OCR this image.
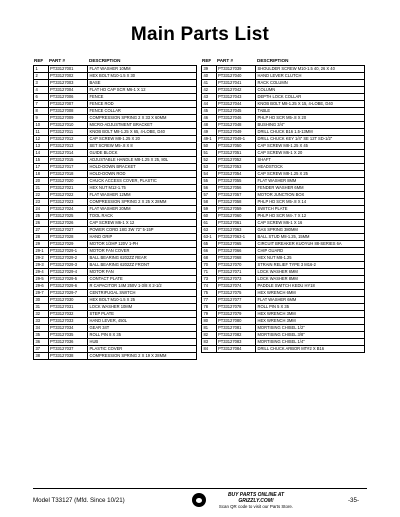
Main Parts List
REF	PART #	DESCRIPTION
1	PT33127001	FLAT WASHER 10MM
2	PT33127002	HEX BOLT M10-1.5 X 30
3	PT33127003	BASE
4	PT33127004	FLAT HD CAP SCR M6-1 X 12
6	PT33127006	FENCE
7	PT33127007	FENCE ROD
8	PT33127008	FENCE COLLAR
9	PT33127009	COMPRESSION SPRING 2 X 33 X 60MM
10	PT33127010	MICRO-ADJUSTMENT BRACKET
11	PT33127011	KNOB BOLT M8-1.25 X 65, 4-LOBE, D40
12	PT33127012	CAP SCREW M8-1.25 X 20
13	PT33127013	SET SCREW M5-.8 X 8
14	PT33127014	GUIDE BLOCK
15	PT33127015	ADJUSTABLE HANDLE M8-1.25 X 25, 80L
17	PT33127017	HOLD-DOWN BRACKET
18	PT33127018	HOLD-DOWN ROD
20	PT33127020	CHUCK ACCESS COVER, PLASTIC
21	PT33127021	HEX NUT M12-1.75
22	PT33127022	FLAT WASHER 12MM
23	PT33127023	COMPRESSION SPRING 2 X 25 X 28MM
24	PT33127024	FLAT WASHER 20MM
25	PT33127025	TOOL RACK
26	PT33127026	CAP SCREW M6-1 X 12
27	PT33127027	POWER CORD 18G 3W 72" 5-15P
28	PT33127028	HAND GRIP
29	PT33127029	MOTOR 1/2HP 120V 1-PH
29-1	PT33127029-1	MOTOR FAN COVER
29-2	PT33127029-2	BALL BEARING 6202ZZ REAR
29-3	PT33127029-3	BALL BEARING 6202ZZ FRONT
29-4	PT33127029-4	MOTOR FAN
29-5	PT33127029-5	CONTACT PLATE
29-6	PT33127029-6	R CAPACITOR 14M 250V 1-3/8 X 2-1/2
29-7	PT33127029-7	CENTRIFUGAL SWITCH
30	PT33127030	HEX BOLT M10-1.5 X 25
31	PT33127031	LOCK WASHER 10MM
32	PT33127032	STEP PLATE
33	PT33127033	HAND LEVER, 450L
34	PT33127034	GEAR 34T
35	PT33127035	ROLL PIN 8 X 35
36	PT33127036	HUB
37	PT33127037	PLASTIC COVER
38	PT33127038	COMPRESSION SPRING 2 X 19 X 28MM
REF	PART #	DESCRIPTION
39	PT33127039	SHOULDER SCREW M10-1.5 40, 26 X 40
40	PT33127040	HAND LEVER CLUTCH
41	PT33127041	RACK COLUMN
42	PT33127042	COLUMN
43	PT33127043	DEPTH LOCK COLLAR
44	PT33127044	KNOB BOLT M8-1.25 X 15, 4-LOBE, D40
45	PT33127045	TABLE
46	PT33127046	PHLP HD SCR M5-.8 X 20
48	PT33127048	BUSHING 3/4"
49	PT33127049	DRILL CHUCK B16 1.5-13MM
49-1	PT33127049-1	DRILL CHUCK KEY 1/4" SE 12T SD-1/2"
50	PT33127050	CAP SCREW M8-1.25 X 45
51	PT33127051	CAP SCREW M6-1 X 20
52	PT33127052	SHAFT
53	PT33127053	HEADSTOCK
54	PT33127054	CAP SCREW M8-1.25 X 25
55	PT33127055	FLAT WASHER 8MM
56	PT33127056	FENDER WASHER 6MM
57	PT33127057	MOTOR JUNCTION BOX
58	PT33127058	PHLP HD SCR M5-.8 X 14
59	PT33127059	SWITCH PLATE
60	PT33127060	PHLP HD SCR M4-.7 X 12
61	PT33127061	CAP SCREW M6-1 X 16
63	PT33127063	GAS SPRING 380MM
63-1	PT33127063-1	BALL STUD M8-1.25, 15MM
65	PT33127065	CIRCUIT BREAKER KUOYUH 88-SERIES 6A
66	PT33127066	CHIP GUARD
68	PT33127068	HEX NUT M8-1.25
70	PT33127070	STRAIN RELIEF TYPE 3 M16-2
71	PT33127071	LOCK WASHER 6MM
73	PT33127073	LOCK WASHER 8MM
74	PT33127074	PADDLE SWITCH KEDU HY18
75	PT33127075	HEX WRENCH 6MM
77	PT33127077	FLAT WASHER 6MM
78	PT33127078	ROLL PIN 5 X 35
79	PT33127079	HEX WRENCH 3MM
80	PT33127080	HEX WRENCH 3MM
81	PT33127081	MORTISING CHISEL 1/2"
82	PT33127082	MORTISING CHISEL 3/8"
83	PT33127083	MORTISING CHISEL 1/4"
84	PT33127084	DRILL CHUCK ARBOR MT#2 X B16
Model T33127 (Mfd. Since 10/21)
BUY PARTS ONLINE AT GRIZZLY.COM!
Scan QR code to visit our Parts Store.
-35-
